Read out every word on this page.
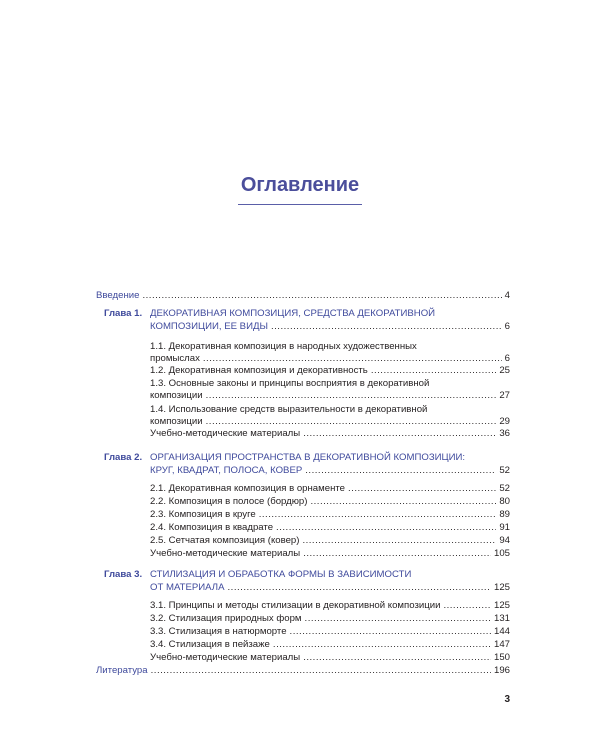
Оглавление
Введение .....	4
Глава 1. ДЕКОРАТИВНАЯ КОМПОЗИЦИЯ, СРЕДСТВА ДЕКОРАТИВНОЙ
КОМПОЗИЦИИ, ЕЕ ВИДЫ .....	6
1.1. Декоративная композиция в народных художественных
промыслах .....	6
1.2. Декоративная композиция и декоративность .....	25
1.3. Основные законы и принципы восприятия в декоративной
композиции .....	27
1.4. Использование средств выразительности в декоративной
композиции .....	29
Учебно-методические материалы .....	36
Глава 2. ОРГАНИЗАЦИЯ ПРОСТРАНСТВА В ДЕКОРАТИВНОЙ КОМПОЗИЦИИ:
КРУГ, КВАДРАТ, ПОЛОСА, КОВЕР .....	52
2.1. Декоративная композиция в орнаменте .....	52
2.2. Композиция в полосе (бордюр) .....	80
2.3. Композиция в круге .....	89
2.4. Композиция в квадрате .....	91
2.5. Сетчатая композиция (ковер) .....	94
Учебно-методические материалы .....	105
Глава 3. СТИЛИЗАЦИЯ И ОБРАБОТКА ФОРМЫ В ЗАВИСИМОСТИ
ОТ МАТЕРИАЛА .....	125
3.1. Принципы и методы стилизации в декоративной композиции .....	125
3.2. Стилизация природных форм .....	131
3.3. Стилизация в натюрморте .....	144
3.4. Стилизация в пейзаже .....	147
Учебно-методические материалы .....	150
Литература .....	196
3
